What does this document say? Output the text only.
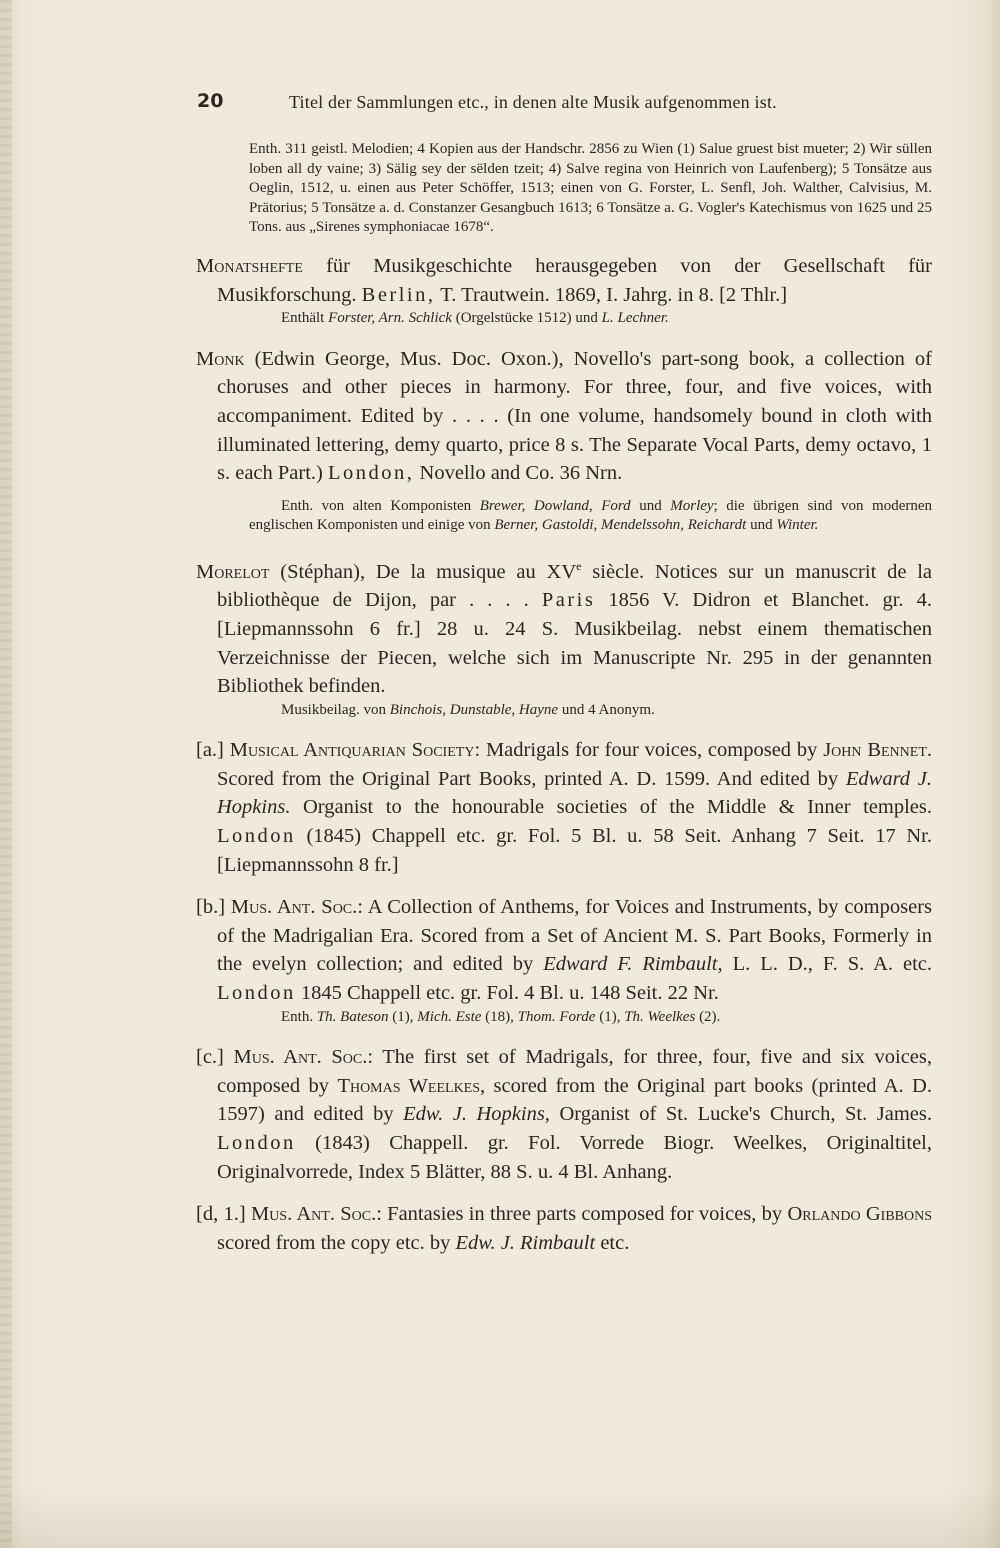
20	Titel der Sammlungen etc., in denen alte Musik aufgenommen ist.

Enth. 311 geistl. Melodien; 4 Kopien aus der Handschr. 2856 zu Wien (1) Salue gruest bist mueter; 2) Wir süllen loben all dy vaine; 3) Sälig sey der sëlden tzeit; 4) Salve regina von Heinrich von Laufenberg); 5 Tonsätze aus Oeglin, 1512, u. einen aus Peter Schöffer, 1513; einen von G. Forster, L. Senfl, Joh. Walther, Calvisius, M. Prätorius; 5 Tonsätze a. d. Constanzer Gesangbuch 1613; 6 Tonsätze a. G. Vogler's Katechismus von 1625 und 25 Tons. aus „Sirenes symphoniacae 1678“.

Monatshefte für Musikgeschichte herausgegeben von der Gesellschaft für Musikforschung. Berlin, T. Trautwein. 1869, I. Jahrg. in 8. [2 Thlr.]

Enthält Forster, Arn. Schlick (Orgelstücke 1512) und L. Lechner.

Monk (Edwin George, Mus. Doc. Oxon.), Novello's part-song book, a collection of choruses and other pieces in harmony. For three, four, and five voices, with accompaniment. Edited by . . . . (In one volume, handsomely bound in cloth with illuminated lettering, demy quarto, price 8 s. The Separate Vocal Parts, demy octavo, 1 s. each Part.) London, Novello and Co. 36 Nrn.

Enth. von alten Komponisten Brewer, Dowland, Ford und Morley; die übrigen sind von modernen englischen Komponisten und einige von Berner, Gastoldi, Mendelssohn, Reichardt und Winter.

Morelot (Stéphan), De la musique au XVe siècle. Notices sur un manuscrit de la bibliothèque de Dijon, par . . . . Paris 1856 V. Didron et Blanchet. gr. 4. [Liepmannssohn 6 fr.] 28 u. 24 S. Musikbeilag. nebst einem thematischen Verzeichnisse der Piecen, welche sich im Manuscripte Nr. 295 in der genannten Bibliothek befinden.

Musikbeilag. von Binchois, Dunstable, Hayne und 4 Anonym.

[a.] Musical Antiquarian Society: Madrigals for four voices, composed by John Bennet. Scored from the Original Part Books, printed A. D. 1599. And edited by Edward J. Hopkins. Organist to the honourable societies of the Middle & Inner temples. London (1845) Chappell etc. gr. Fol. 5 Bl. u. 58 Seit. Anhang 7 Seit. 17 Nr. [Liepmannssohn 8 fr.]

[b.] Mus. Ant. Soc.: A Collection of Anthems, for Voices and Instruments, by composers of the Madrigalian Era. Scored from a Set of Ancient M. S. Part Books, Formerly in the evelyn collection; and edited by Edward F. Rimbault, L. L. D., F. S. A. etc. London 1845 Chappell etc. gr. Fol. 4 Bl. u. 148 Seit. 22 Nr.

Enth. Th. Bateson (1), Mich. Este (18), Thom. Forde (1), Th. Weelkes (2).

[c.] Mus. Ant. Soc.: The first set of Madrigals, for three, four, five and six voices, composed by Thomas Weelkes, scored from the Original part books (printed A. D. 1597) and edited by Edw. J. Hopkins, Organist of St. Lucke's Church, St. James. London (1843) Chappell. gr. Fol. Vorrede Biogr. Weelkes, Originaltitel, Originalvorrede, Index 5 Blätter, 88 S. u. 4 Bl. Anhang.

[d, 1.] Mus. Ant. Soc.: Fantasies in three parts composed for voices, by Orlando Gibbons scored from the copy etc. by Edw. J. Rimbault etc.
